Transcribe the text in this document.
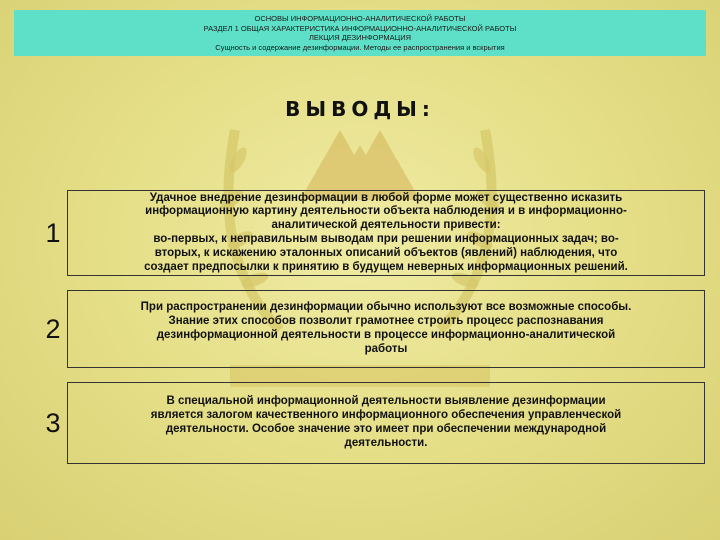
ОСНОВЫ ИНФОРМАЦИОННО-АНАЛИТИЧЕСКОЙ РАБОТЫ
РАЗДЕЛ 1 ОБЩАЯ ХАРАКТЕРИСТИКА ИНФОРМАЦИОННО-АНАЛИТИЧЕСКОЙ РАБОТЫ
ЛЕКЦИЯ ДЕЗИНФОРМАЦИЯ
Сущность и содержание дезинформации. Методы ее распространения и вскрытия
ВЫВОДЫ:
1
Удачное внедрение дезинформации в любой форме может существенно исказить
информационную картину деятельности объекта наблюдения и в информационно-
аналитической деятельности привести:
во-первых, к неправильным выводам при решении информационных задач; во-
вторых, к искажению эталонных описаний объектов (явлений) наблюдения, что
создает предпосылки к принятию в будущем неверных информационных решений.
2
При распространении дезинформации обычно используют все возможные способы.
Знание этих способов позволит грамотнее строить процесс распознавания
дезинформационной деятельности в процессе информационно-аналитической
работы
3
В специальной информационной деятельности выявление дезинформации
является залогом качественного информационного обеспечения управленческой
деятельности. Особое значение это имеет при обеспечении международной
деятельности.
